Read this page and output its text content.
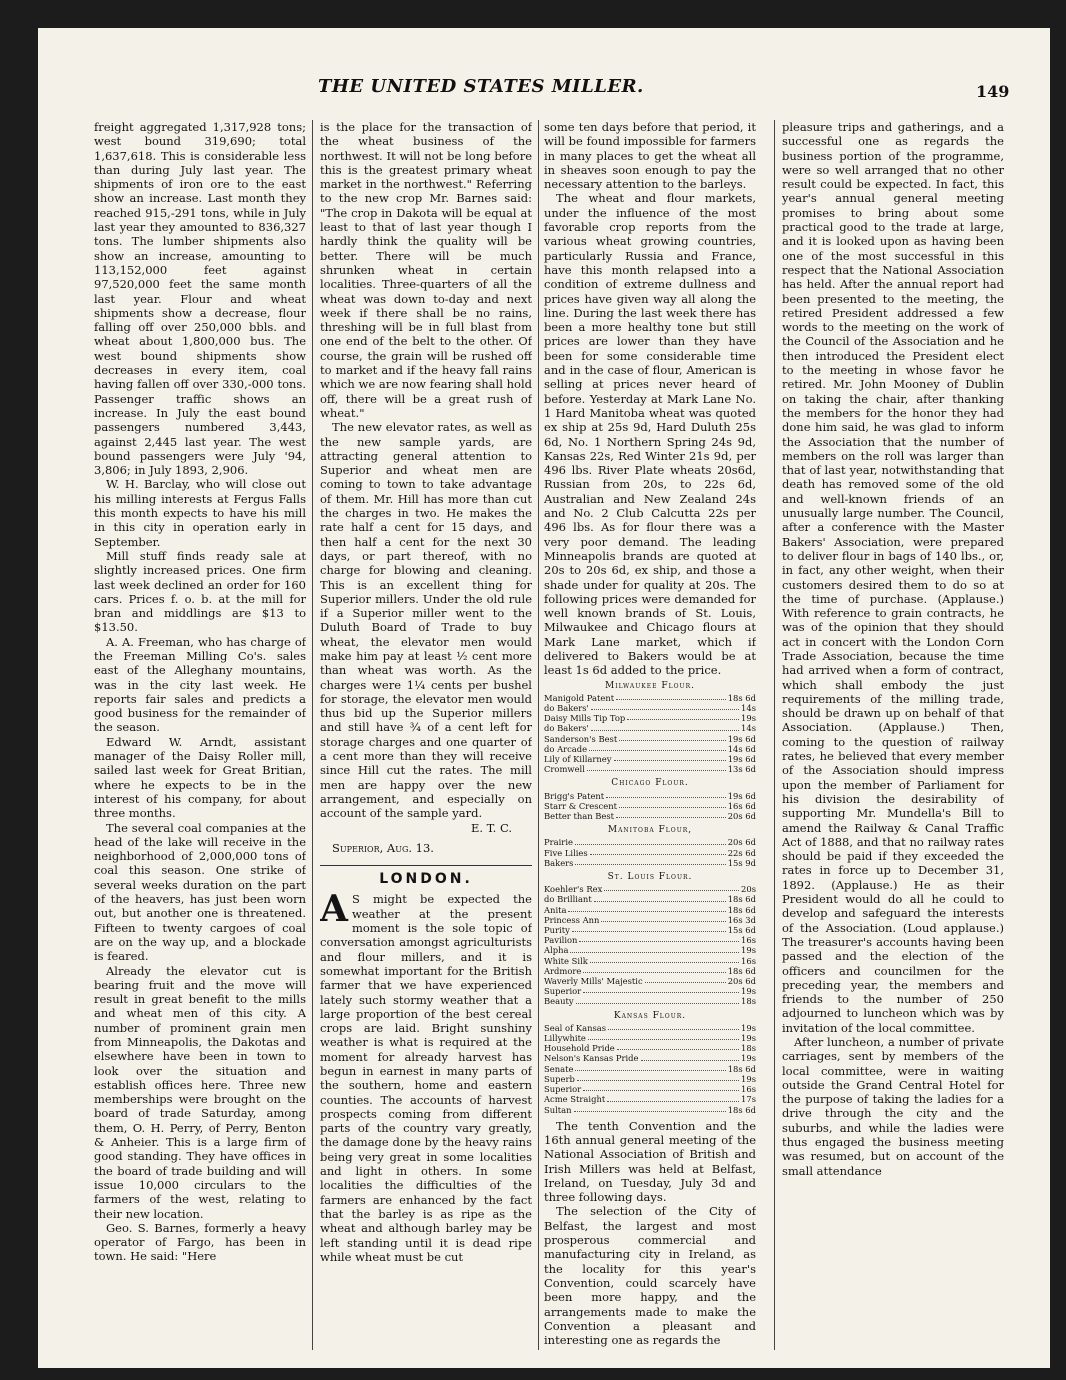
THE UNITED STATES MILLER.	149

freight aggregated 1,317,928 tons; west bound 319,690; total 1,637,618. This is considerable less than during July last year. The shipments of iron ore to the east show an increase. Last month they reached 915,-291 tons, while in July last year they amounted to 836,327 tons. The lumber shipments also show an increase, amounting to 113,152,000 feet against 97,520,000 feet the same month last year. Flour and wheat shipments show a decrease, flour falling off over 250,000 bbls. and wheat about 1,800,000 bus. The west bound shipments show decreases in every item, coal having fallen off over 330,-000 tons. Passenger traffic shows an increase. In July the east bound passengers numbered 3,443, against 2,445 last year. The west bound passengers were July '94, 3,806; in July 1893, 2,906.

W. H. Barclay, who will close out his milling interests at Fergus Falls this month expects to have his mill in this city in operation early in September.

Mill stuff finds ready sale at slightly increased prices. One firm last week declined an order for 160 cars. Prices f. o. b. at the mill for bran and middlings are $13 to $13.50.

A. A. Freeman, who has charge of the Freeman Milling Co's. sales east of the Alleghany mountains, was in the city last week. He reports fair sales and predicts a good business for the remainder of the season.

Edward W. Arndt, assistant manager of the Daisy Roller mill, sailed last week for Great Britian, where he expects to be in the interest of his company, for about three months.

The several coal companies at the head of the lake will receive in the neighborhood of 2,000,000 tons of coal this season. One strike of several weeks duration on the part of the heavers, has just been worn out, but another one is threatened. Fifteen to twenty cargoes of coal are on the way up, and a blockade is feared.

Already the elevator cut is bearing fruit and the move will result in great benefit to the mills and wheat men of this city. A number of prominent grain men from Minneapolis, the Dakotas and elsewhere have been in town to look over the situation and establish offices here. Three new memberships were brought on the board of trade Saturday, among them, O. H. Perry, of Perry, Benton & Anheier. This is a large firm of good standing. They have offices in the board of trade building and will issue 10,000 circulars to the farmers of the west, relating to their new location.

Geo. S. Barnes, formerly a heavy operator of Fargo, has been in town. He said: "Here

is the place for the transaction of the wheat business of the northwest. It will not be long before this is the greatest primary wheat market in the northwest." Referring to the new crop Mr. Barnes said: "The crop in Dakota will be equal at least to that of last year though I hardly think the quality will be better. There will be much shrunken wheat in certain localities. Three-quarters of all the wheat was down to-day and next week if there shall be no rains, threshing will be in full blast from one end of the belt to the other. Of course, the grain will be rushed off to market and if the heavy fall rains which we are now fearing shall hold off, there will be a great rush of wheat."

The new elevator rates, as well as the new sample yards, are attracting general attention to Superior and wheat men are coming to town to take advantage of them. Mr. Hill has more than cut the charges in two. He makes the rate half a cent for 15 days, and then half a cent for the next 30 days, or part thereof, with no charge for blowing and cleaning. This is an excellent thing for Superior millers. Under the old rule if a Superior miller went to the Duluth Board of Trade to buy wheat, the elevator men would make him pay at least ½ cent more than wheat was worth. As the charges were 1¼ cents per bushel for storage, the elevator men would thus bid up the Superior millers and still have ¾ of a cent left for storage charges and one quarter of a cent more than they will receive since Hill cut the rates. The mill men are happy over the new arrangement, and especially on account of the sample yard.

E. T. C.

Superior, Aug. 13.

LONDON.

A S might be expected the weather at the present moment is the sole topic of conversation amongst agriculturists and flour millers, and it is somewhat important for the British farmer that we have experienced lately such stormy weather that a large proportion of the best cereal crops are laid. Bright sunshiny weather is what is required at the moment for already harvest has begun in earnest in many parts of the southern, home and eastern counties. The accounts of harvest prospects coming from different parts of the country vary greatly, the damage done by the heavy rains being very great in some localities and light in others. In some localities the difficulties of the farmers are enhanced by the fact that the barley is as ripe as the wheat and although barley may be left standing until it is dead ripe while wheat must be cut

some ten days before that period, it will be found impossible for farmers in many places to get the wheat all in sheaves soon enough to pay the necessary attention to the barleys.

The wheat and flour markets, under the influence of the most favorable crop reports from the various wheat growing countries, particularly Russia and France, have this month relapsed into a condition of extreme dullness and prices have given way all along the line. During the last week there has been a more healthy tone but still prices are lower than they have been for some considerable time and in the case of flour, American is selling at prices never heard of before. Yesterday at Mark Lane No. 1 Hard Manitoba wheat was quoted ex ship at 25s 9d, Hard Duluth 25s 6d, No. 1 Northern Spring 24s 9d, Kansas 22s, Red Winter 21s 9d, per 496 lbs. River Plate wheats 20s6d, Russian from 20s, to 22s 6d, Australian and New Zealand 24s and No. 2 Club Calcutta 22s per 496 lbs. As for flour there was a very poor demand. The leading Minneapolis brands are quoted at 20s to 20s 6d, ex ship, and those a shade under for quality at 20s. The following prices were demanded for well known brands of St. Louis, Milwaukee and Chicago flours at Mark Lane market, which if delivered to Bakers would be at least 1s 6d added to the price.

Milwaukee Flour.
Manigold Patent	18s 6d
do Bakers'	14s
Daisy Mills Tip Top	19s
do Bakers'	14s
Sanderson's Best	19s 6d
do Arcade	14s 6d
Lily of Killarney	19s 6d
Cromwell	13s 6d
Chicago Flour.
Brigg's Patent	19s 6d
Starr & Crescent	16s 6d
Better than Best	20s 6d
Manitoba Flour,
Prairie	20s 6d
Five Lilies	22s 6d
Bakers	15s 9d
St. Louis Flour.
Koehler's Rex	20s
do Brilliant	18s 6d
Anita	18s 6d
Princess Ann	16s 3d
Purity	15s 6d
Pavilion	16s
Alpha	19s
White Silk	16s
Ardmore	18s 6d
Waverly Mills' Majestic	20s 6d
Superior	19s
Beauty	18s
Kansas Flour.
Seal of Kansas	19s
Lillywhite	19s
Household Pride	18s
Nelson's Kansas Pride	19s
Senate	18s 6d
Superb	19s
Superior	16s
Acme Straight	17s
Sultan	18s 6d

The tenth Convention and the 16th annual general meeting of the National Association of British and Irish Millers was held at Belfast, Ireland, on Tuesday, July 3d and three following days.

The selection of the City of Belfast, the largest and most prosperous commercial and manufacturing city in Ireland, as the locality for this year's Convention, could scarcely have been more happy, and the arrangements made to make the Convention a pleasant and interesting one as regards the

pleasure trips and gatherings, and a successful one as regards the business portion of the programme, were so well arranged that no other result could be expected. In fact, this year's annual general meeting promises to bring about some practical good to the trade at large, and it is looked upon as having been one of the most successful in this respect that the National Association has held. After the annual report had been presented to the meeting, the retired President addressed a few words to the meeting on the work of the Council of the Association and he then introduced the President elect to the meeting in whose favor he retired. Mr. John Mooney of Dublin on taking the chair, after thanking the members for the honor they had done him said, he was glad to inform the Association that the number of members on the roll was larger than that of last year, notwithstanding that death has removed some of the old and well-known friends of an unusually large number. The Council, after a conference with the Master Bakers' Association, were prepared to deliver flour in bags of 140 lbs., or, in fact, any other weight, when their customers desired them to do so at the time of purchase. (Applause.) With reference to grain contracts, he was of the opinion that they should act in concert with the London Corn Trade Association, because the time had arrived when a form of contract, which shall embody the just requirements of the milling trade, should be drawn up on behalf of that Association. (Applause.) Then, coming to the question of railway rates, he believed that every member of the Association should impress upon the member of Parliament for his division the desirability of supporting Mr. Mundella's Bill to amend the Railway & Canal Traffic Act of 1888, and that no railway rates should be paid if they exceeded the rates in force up to December 31, 1892. (Applause.) He as their President would do all he could to develop and safeguard the interests of the Association. (Loud applause.) The treasurer's accounts having been passed and the election of the officers and councilmen for the preceding year, the members and friends to the number of 250 adjourned to luncheon which was by invitation of the local committee.

After luncheon, a number of private carriages, sent by members of the local committee, were in waiting outside the Grand Central Hotel for the purpose of taking the ladies for a drive through the city and the suburbs, and while the ladies were thus engaged the business meeting was resumed, but on account of the small attendance
